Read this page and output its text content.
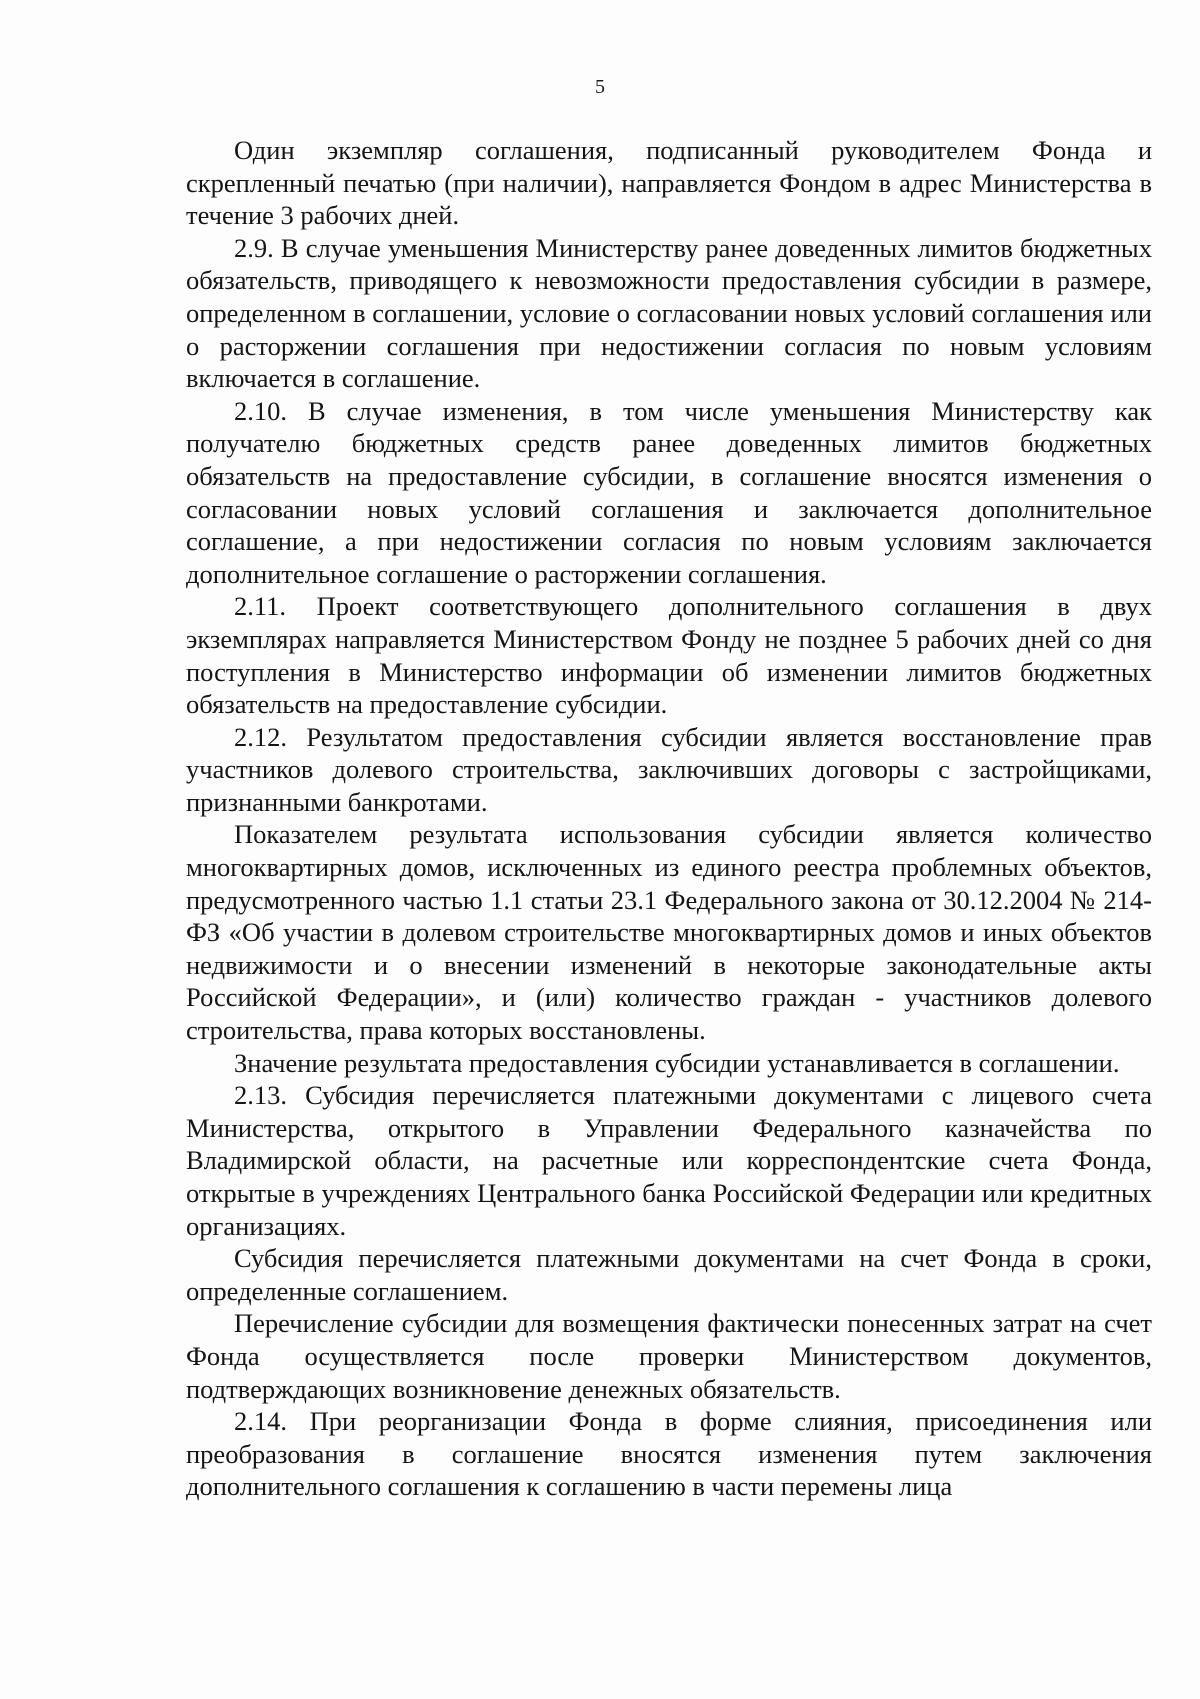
5

Один экземпляр соглашения, подписанный руководителем Фонда и скрепленный печатью (при наличии), направляется Фондом в адрес Министерства в течение 3 рабочих дней.

2.9. В случае уменьшения Министерству ранее доведенных лимитов бюджетных обязательств, приводящего к невозможности предоставления субсидии в размере, определенном в соглашении, условие о согласовании новых условий соглашения или о расторжении соглашения при недостижении согласия по новым условиям включается в соглашение.

2.10. В случае изменения, в том числе уменьшения Министерству как получателю бюджетных средств ранее доведенных лимитов бюджетных обязательств на предоставление субсидии, в соглашение вносятся изменения о согласовании новых условий соглашения и заключается дополнительное соглашение, а при недостижении согласия по новым условиям заключается дополнительное соглашение о расторжении соглашения.

2.11. Проект соответствующего дополнительного соглашения в двух экземплярах направляется Министерством Фонду не позднее 5 рабочих дней со дня поступления в Министерство информации об изменении лимитов бюджетных обязательств на предоставление субсидии.

2.12. Результатом предоставления субсидии является восстановление прав участников долевого строительства, заключивших договоры с застройщиками, признанными банкротами.

Показателем результата использования субсидии является количество многоквартирных домов, исключенных из единого реестра проблемных объектов, предусмотренного частью 1.1 статьи 23.1 Федерального закона от 30.12.2004 № 214-ФЗ «Об участии в долевом строительстве многоквартирных домов и иных объектов недвижимости и о внесении изменений в некоторые законодательные акты Российской Федерации», и (или) количество граждан - участников долевого строительства, права которых восстановлены.

Значение результата предоставления субсидии устанавливается в соглашении.

2.13. Субсидия перечисляется платежными документами с лицевого счета Министерства, открытого в Управлении Федерального казначейства по Владимирской области, на расчетные или корреспондентские счета Фонда, открытые в учреждениях Центрального банка Российской Федерации или кредитных организациях.

Субсидия перечисляется платежными документами на счет Фонда в сроки, определенные соглашением.

Перечисление субсидии для возмещения фактически понесенных затрат на счет Фонда осуществляется после проверки Министерством документов, подтверждающих возникновение денежных обязательств.

2.14. При реорганизации Фонда в форме слияния, присоединения или преобразования в соглашение вносятся изменения путем заключения дополнительного соглашения к соглашению в части перемены лица
